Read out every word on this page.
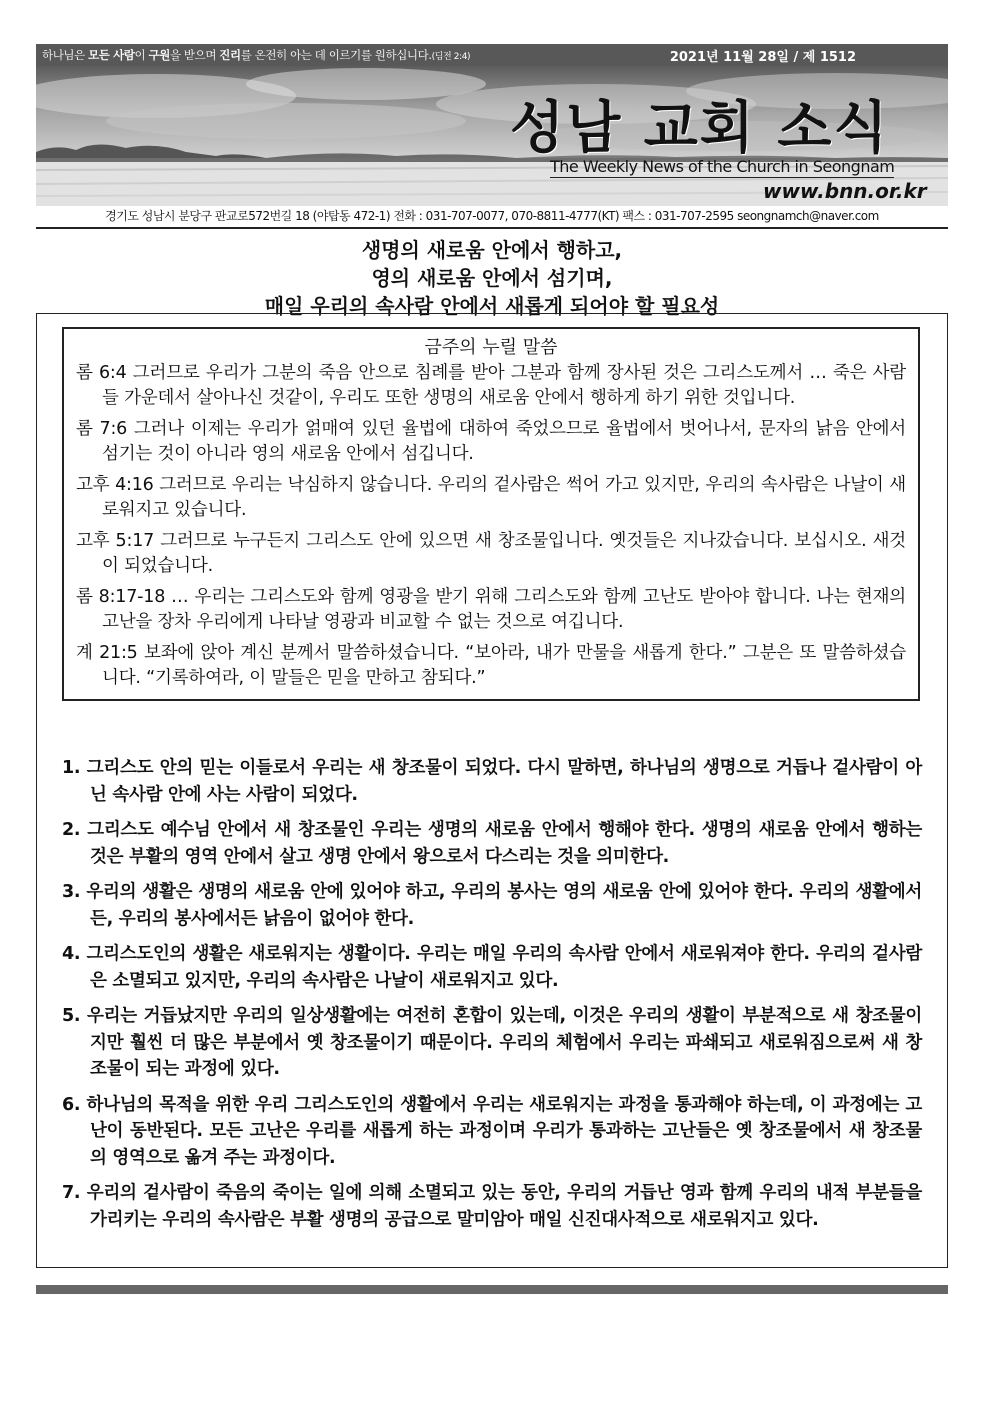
하나님은 모든 사람이 구원을 받으며 진리를 온전히 아는 데 이르기를 원하십니다.(딤전 2:4)	2021년 11월 28일 / 제 1512
성남 교회 소식
The Weekly News of the Church in Seongnam
www.bnn.or.kr
경기도 성남시 분당구 판교로572번길 18 (야탑동 472-1) 전화 : 031-707-0077, 070-8811-4777(KT) 팩스 : 031-707-2595 seongnamch@naver.com
생명의 새로움 안에서 행하고,
영의 새로움 안에서 섬기며,
매일 우리의 속사람 안에서 새롭게 되어야 할 필요성
금주의 누릴 말씀
롬 6:4 그러므로 우리가 그분의 죽음 안으로 침례를 받아 그분과 함께 장사된 것은 그리스도께서 … 죽은 사람들 가운데서 살아나신 것같이, 우리도 또한 생명의 새로움 안에서 행하게 하기 위한 것입니다.
롬 7:6 그러나 이제는 우리가 얽매여 있던 율법에 대하여 죽었으므로 율법에서 벗어나서, 문자의 낡음 안에서 섬기는 것이 아니라 영의 새로움 안에서 섬깁니다.
고후 4:16 그러므로 우리는 낙심하지 않습니다. 우리의 겉사람은 썩어 가고 있지만, 우리의 속사람은 나날이 새로워지고 있습니다.
고후 5:17 그러므로 누구든지 그리스도 안에 있으면 새 창조물입니다. 옛것들은 지나갔습니다. 보십시오. 새것이 되었습니다.
롬 8:17-18 … 우리는 그리스도와 함께 영광을 받기 위해 그리스도와 함께 고난도 받아야 합니다. 나는 현재의 고난을 장차 우리에게 나타날 영광과 비교할 수 없는 것으로 여깁니다.
계 21:5 보좌에 앉아 계신 분께서 말씀하셨습니다. “보아라, 내가 만물을 새롭게 한다.” 그분은 또 말씀하셨습니다. “기록하여라, 이 말들은 믿을 만하고 참되다.”
1. 그리스도 안의 믿는 이들로서 우리는 새 창조물이 되었다. 다시 말하면, 하나님의 생명으로 거듭나 겉사람이 아닌 속사람 안에 사는 사람이 되었다.
2. 그리스도 예수님 안에서 새 창조물인 우리는 생명의 새로움 안에서 행해야 한다. 생명의 새로움 안에서 행하는 것은 부활의 영역 안에서 살고 생명 안에서 왕으로서 다스리는 것을 의미한다.
3. 우리의 생활은 생명의 새로움 안에 있어야 하고, 우리의 봉사는 영의 새로움 안에 있어야 한다. 우리의 생활에서든, 우리의 봉사에서든 낡음이 없어야 한다.
4. 그리스도인의 생활은 새로워지는 생활이다. 우리는 매일 우리의 속사람 안에서 새로워져야 한다. 우리의 겉사람은 소멸되고 있지만, 우리의 속사람은 나날이 새로워지고 있다.
5. 우리는 거듭났지만 우리의 일상생활에는 여전히 혼합이 있는데, 이것은 우리의 생활이 부분적으로 새 창조물이지만 훨씬 더 많은 부분에서 옛 창조물이기 때문이다. 우리의 체험에서 우리는 파쇄되고 새로워짐으로써 새 창조물이 되는 과정에 있다.
6. 하나님의 목적을 위한 우리 그리스도인의 생활에서 우리는 새로워지는 과정을 통과해야 하는데, 이 과정에는 고난이 동반된다. 모든 고난은 우리를 새롭게 하는 과정이며 우리가 통과하는 고난들은 옛 창조물에서 새 창조물의 영역으로 옮겨 주는 과정이다.
7. 우리의 겉사람이 죽음의 죽이는 일에 의해 소멸되고 있는 동안, 우리의 거듭난 영과 함께 우리의 내적 부분들을 가리키는 우리의 속사람은 부활 생명의 공급으로 말미암아 매일 신진대사적으로 새로워지고 있다.
